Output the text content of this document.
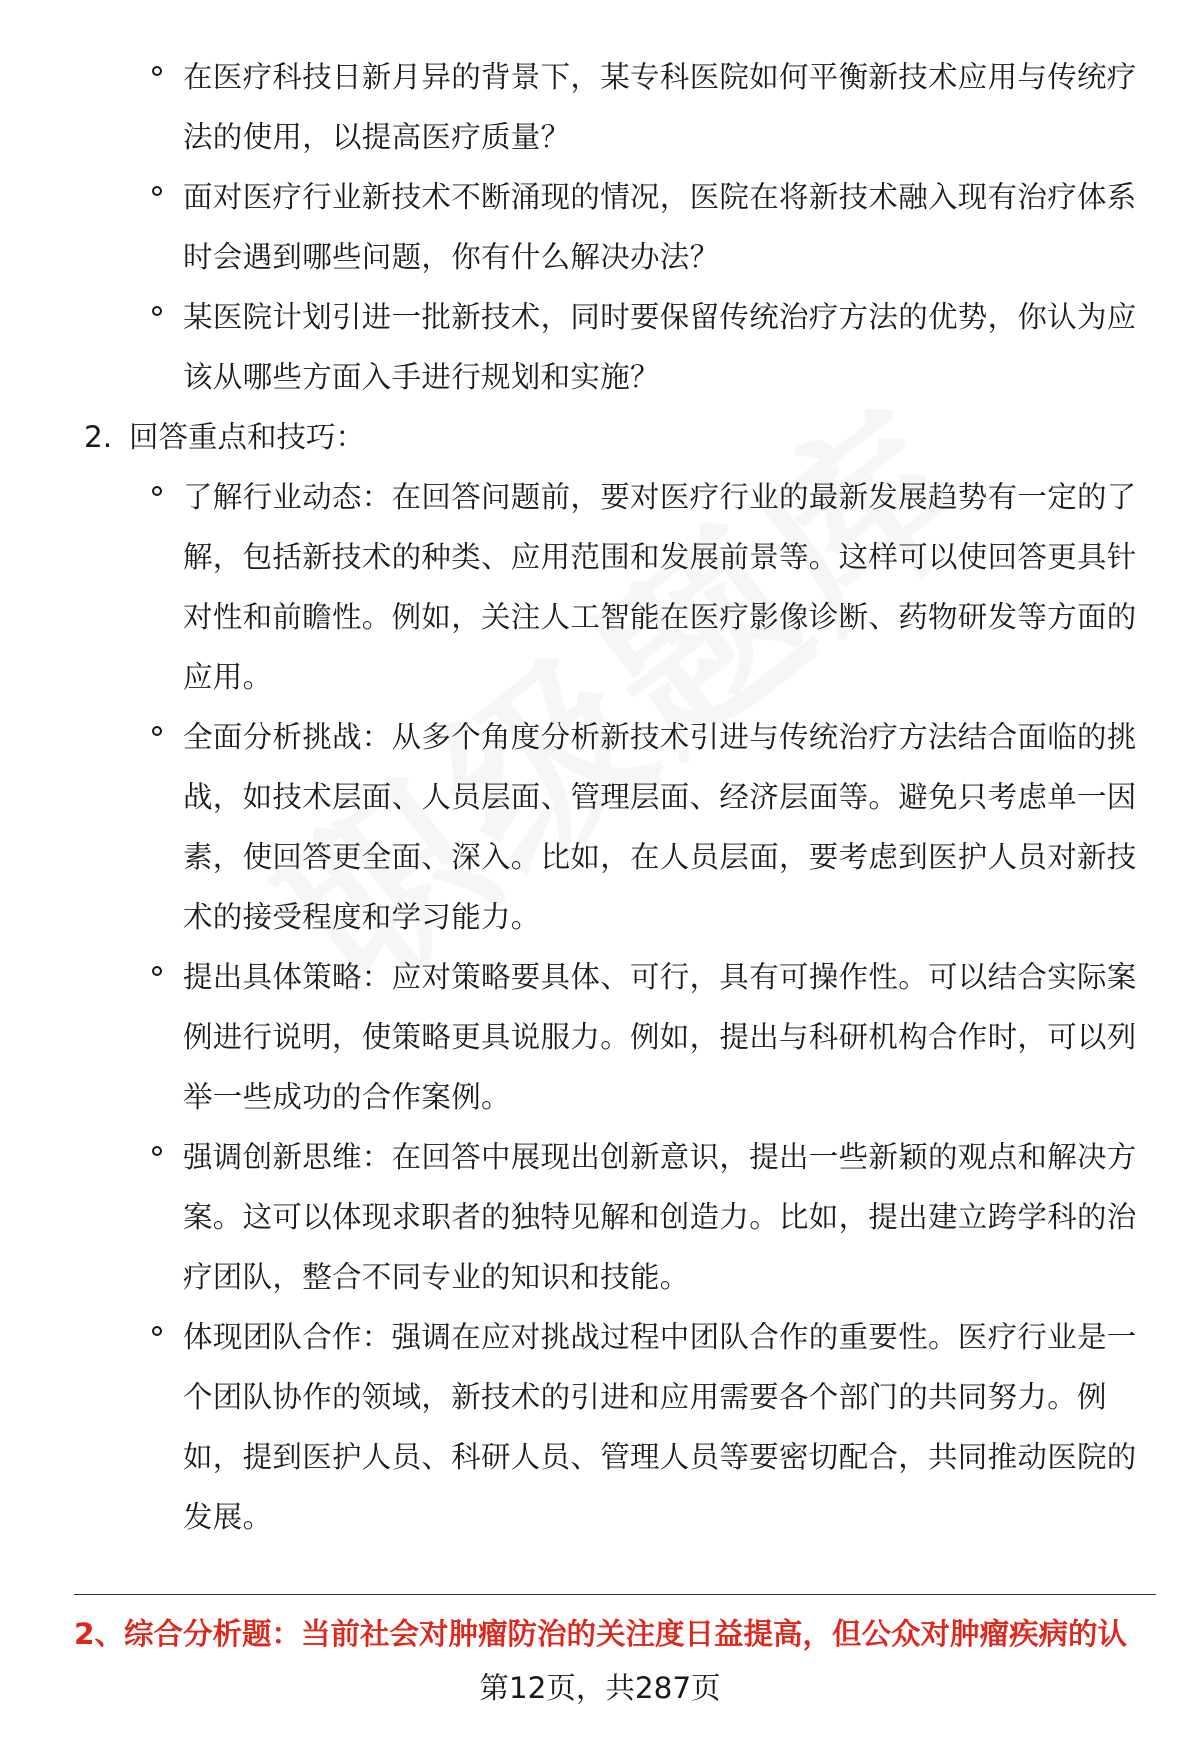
在医疗科技日新月异的背景下，某专科医院如何平衡新技术应用与传统疗法的使用，以提高医疗质量？
面对医疗行业新技术不断涌现的情况，医院在将新技术融入现有治疗体系时会遇到哪些问题，你有什么解决办法？
某医院计划引进一批新技术，同时要保留传统治疗方法的优势，你认为应该从哪些方面入手进行规划和实施？
2. 回答重点和技巧：
了解行业动态：在回答问题前，要对医疗行业的最新发展趋势有一定的了解，包括新技术的种类、应用范围和发展前景等。这样可以使回答更具针对性和前瞻性。例如，关注人工智能在医疗影像诊断、药物研发等方面的应用。
全面分析挑战：从多个角度分析新技术引进与传统治疗方法结合面临的挑战，如技术层面、人员层面、管理层面、经济层面等。避免只考虑单一因素，使回答更全面、深入。比如，在人员层面，要考虑到医护人员对新技术的接受程度和学习能力。
提出具体策略：应对策略要具体、可行，具有可操作性。可以结合实际案例进行说明，使策略更具说服力。例如，提出与科研机构合作时，可以列举一些成功的合作案例。
强调创新思维：在回答中展现出创新意识，提出一些新颖的观点和解决方案。这可以体现求职者的独特见解和创造力。比如，提出建立跨学科的治疗团队，整合不同专业的知识和技能。
体现团队合作：强调在应对挑战过程中团队合作的重要性。医疗行业是一个团队协作的领域，新技术的引进和应用需要各个部门的共同努力。例如，提到医护人员、科研人员、管理人员等要密切配合，共同推动医院的发展。
2、综合分析题：当前社会对肿瘤防治的关注度日益提高，但公众对肿瘤疾病的认
第12页，共287页
